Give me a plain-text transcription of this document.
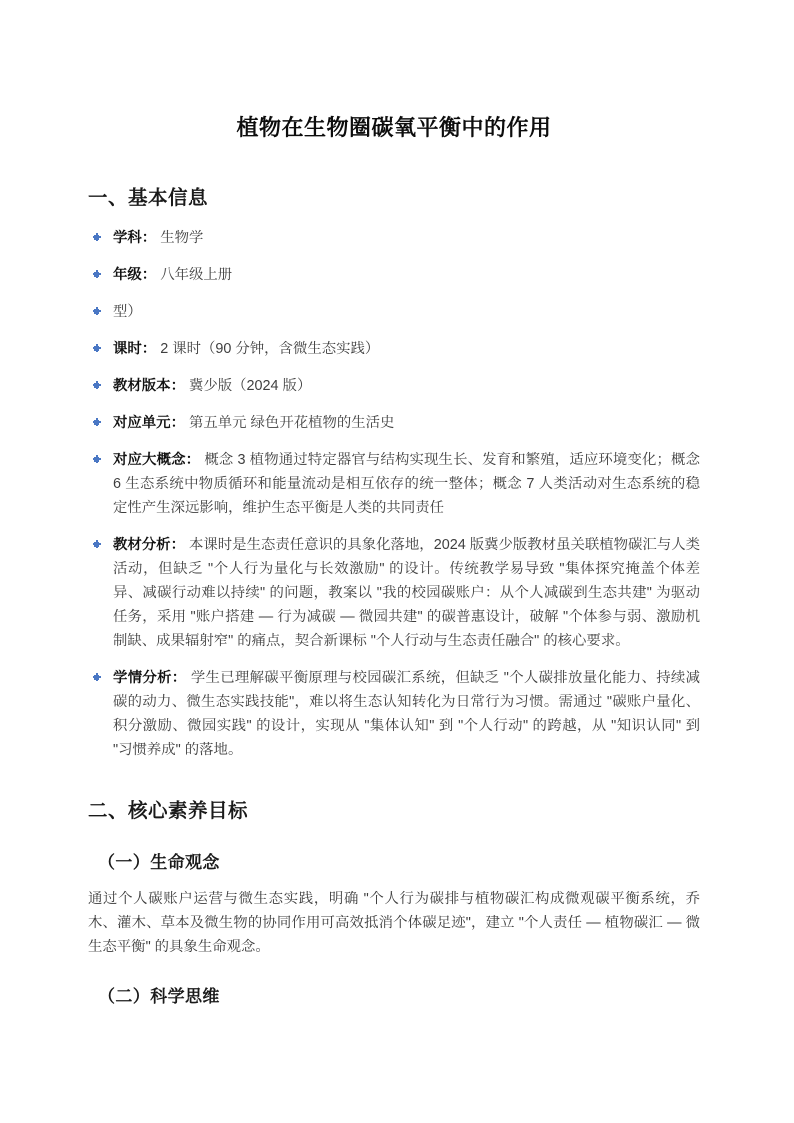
植物在生物圈碳氧平衡中的作用
一、基本信息
学科： 生物学
年级： 八年级上册
型）
课时： 2 课时（90 分钟，含微生态实践）
教材版本： 冀少版（2024 版）
对应单元： 第五单元 绿色开花植物的生活史
对应大概念： 概念 3 植物通过特定器官与结构实现生长、发育和繁殖，适应环境变化；概念 6 生态系统中物质循环和能量流动是相互依存的统一整体；概念 7 人类活动对生态系统的稳定性产生深远影响，维护生态平衡是人类的共同责任
教材分析： 本课时是生态责任意识的具象化落地，2024 版冀少版教材虽关联植物碳汇与人类活动，但缺乏 "个人行为量化与长效激励" 的设计。传统教学易导致 "集体探究掩盖个体差异、减碳行动难以持续" 的问题，教案以 "我的校园碳账户：从个人减碳到生态共建" 为驱动任务，采用 "账户搭建 — 行为减碳 — 微园共建" 的碳普惠设计，破解 "个体参与弱、激励机制缺、成果辐射窄" 的痛点，契合新课标 "个人行动与生态责任融合" 的核心要求。
学情分析： 学生已理解碳平衡原理与校园碳汇系统，但缺乏 "个人碳排放量化能力、持续减碳的动力、微生态实践技能"，难以将生态认知转化为日常行为习惯。需通过 "碳账户量化、积分激励、微园实践" 的设计，实现从 "集体认知" 到 "个人行动" 的跨越，从 "知识认同" 到 "习惯养成" 的落地。
二、核心素养目标
（一）生命观念

通过个人碳账户运营与微生态实践，明确 "个人行为碳排与植物碳汇构成微观碳平衡系统，乔木、灌木、草本及微生物的协同作用可高效抵消个体碳足迹"，建立 "个人责任 — 植物碳汇 — 微生态平衡" 的具象生命观念。

（二）科学思维
